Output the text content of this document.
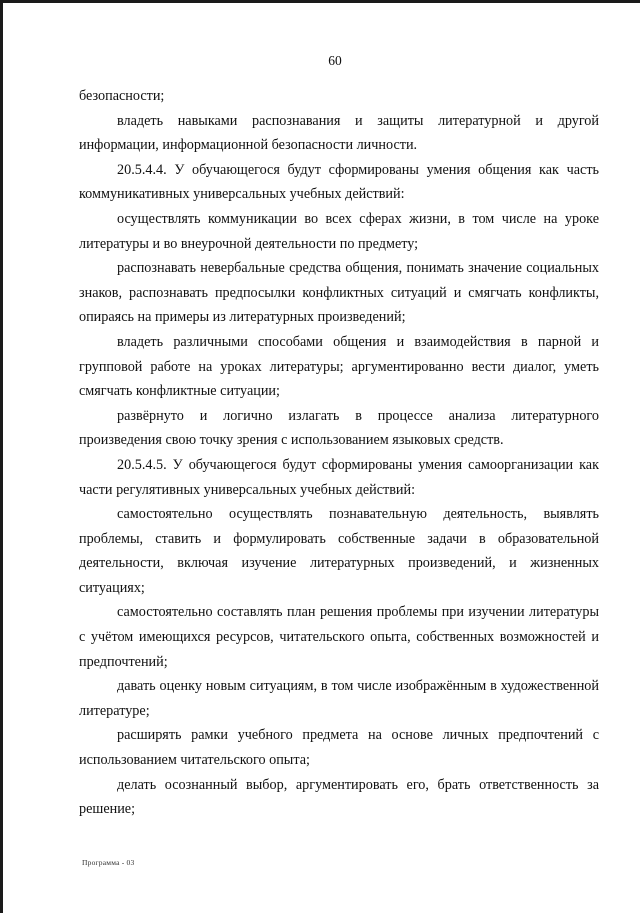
60

безопасности;

владеть навыками распознавания и защиты литературной и другой информации, информационной безопасности личности.

20.5.4.4. У обучающегося будут сформированы умения общения как часть коммуникативных универсальных учебных действий:

осуществлять коммуникации во всех сферах жизни, в том числе на уроке литературы и во внеурочной деятельности по предмету;

распознавать невербальные средства общения, понимать значение социальных знаков, распознавать предпосылки конфликтных ситуаций и смягчать конфликты, опираясь на примеры из литературных произведений;

владеть различными способами общения и взаимодействия в парной и групповой работе на уроках литературы; аргументированно вести диалог, уметь смягчать конфликтные ситуации;

развёрнуто и логично излагать в процессе анализа литературного произведения свою точку зрения с использованием языковых средств.

20.5.4.5. У обучающегося будут сформированы умения самоорганизации как части регулятивных универсальных учебных действий:

самостоятельно осуществлять познавательную деятельность, выявлять проблемы, ставить и формулировать собственные задачи в образовательной деятельности, включая изучение литературных произведений, и жизненных ситуациях;

самостоятельно составлять план решения проблемы при изучении литературы с учётом имеющихся ресурсов, читательского опыта, собственных возможностей и предпочтений;

давать оценку новым ситуациям, в том числе изображённым в художественной литературе;

расширять рамки учебного предмета на основе личных предпочтений с использованием читательского опыта;

делать осознанный выбор, аргументировать его, брать ответственность за решение;

Программа - 03
